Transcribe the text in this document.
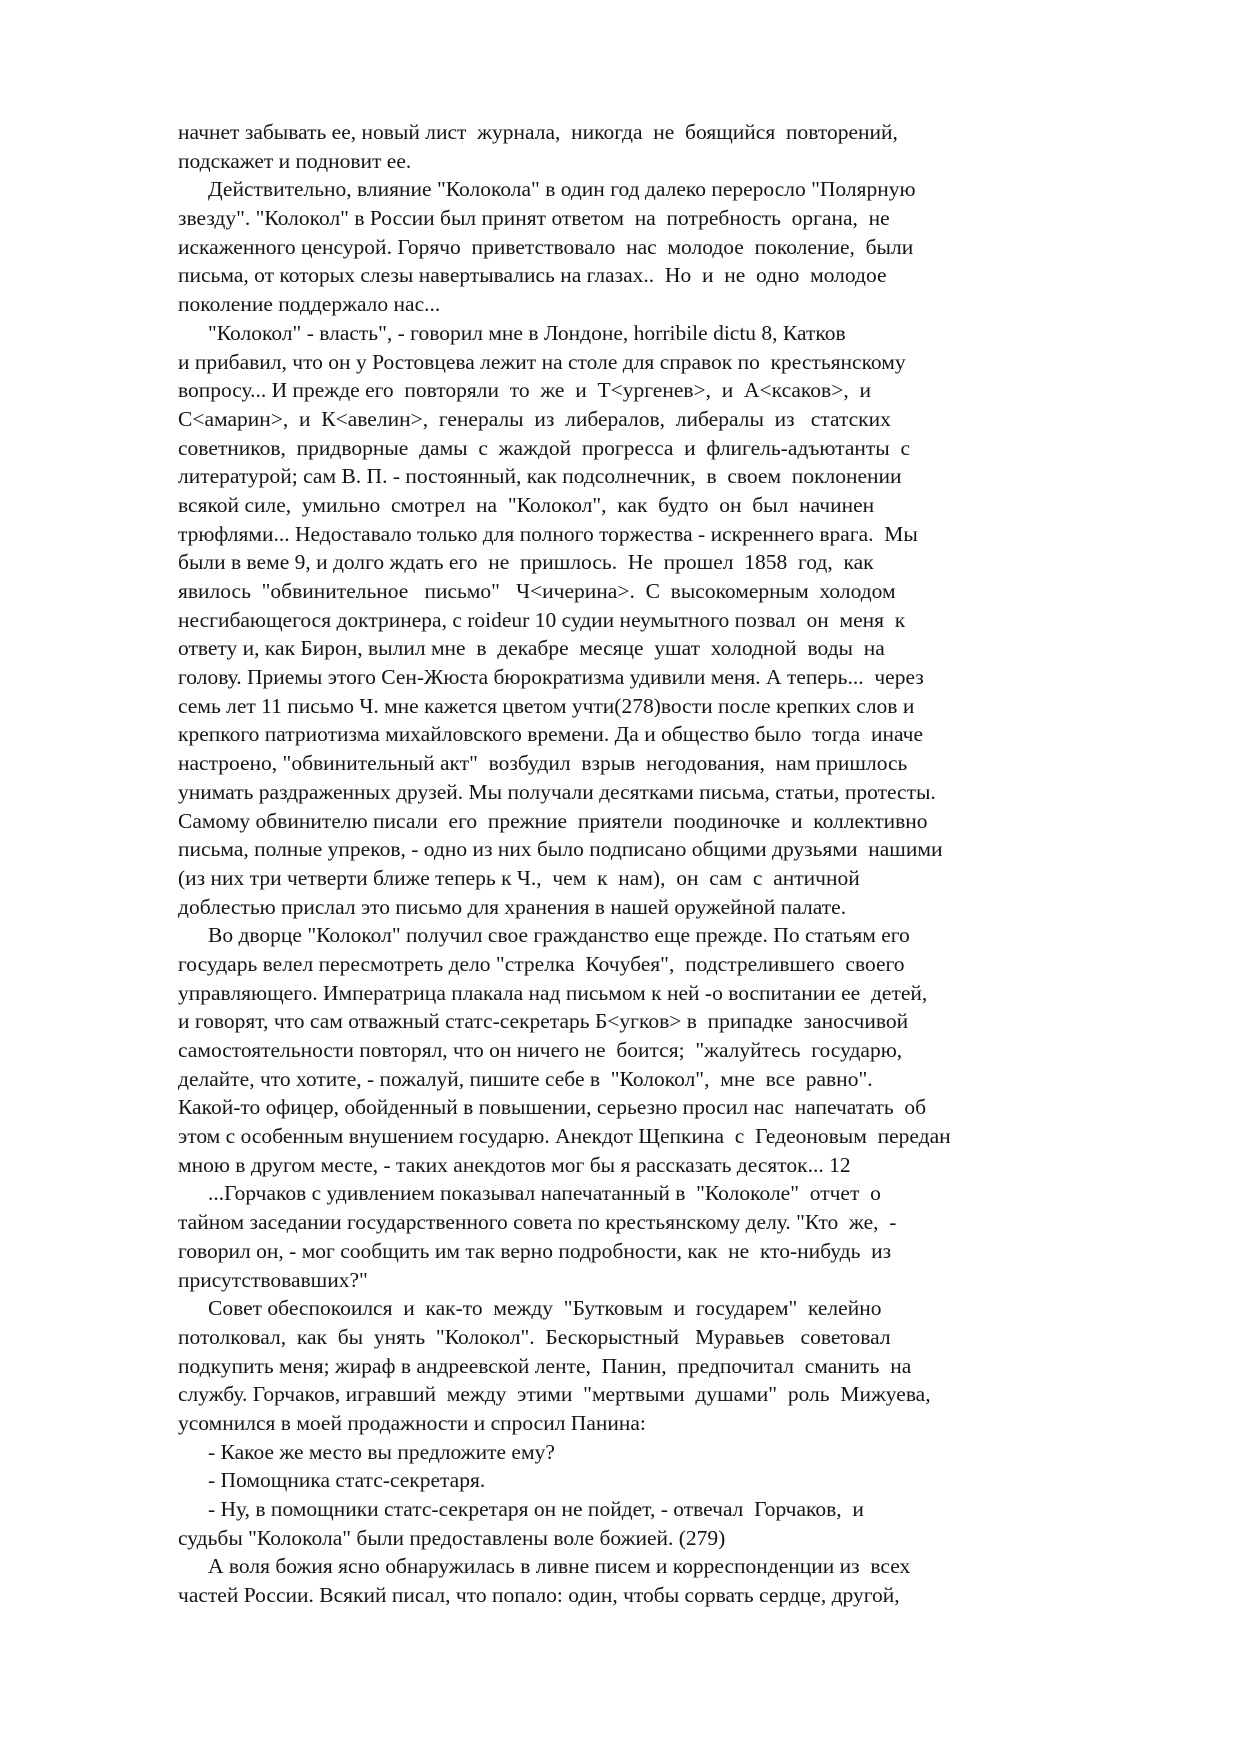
начнет забывать ее, новый лист  журнала,  никогда  не  боящийся  повторений,
подскажет и подновит ее.
Действительно, влияние "Колокола" в один год далеко переросло "Полярную
звезду". "Колокол" в России был принят ответом  на  потребность  органа,  не
искаженного ценсурой. Горячо  приветствовало  нас  молодое  поколение,  были
письма, от которых слезы навертывались на глазах..  Но  и  не  одно  молодое
поколение поддержало нас...
"Колокол" - власть", - говорил мне в Лондоне, horribile dictu 8, Катков
и прибавил, что он у Ростовцева лежит на столе для справок по  крестьянскому
вопросу... И прежде его  повторяли  то  же  и  Т<ургенев>,  и  А<ксаков>,  и
С<амарин>,  и  К<авелин>,  генералы  из  либералов,  либералы  из   статских
советников,  придворные  дамы  с  жаждой  прогресса  и  флигель-адъютанты  с
литературой; сам В. П. - постоянный, как подсолнечник,  в  своем  поклонении
всякой силе,  умильно  смотрел  на  "Колокол",  как  будто  он  был  начинен
трюфлями... Недоставало только для полного торжества - искреннего врага.  Мы
были в веме 9, и долго ждать его  не  пришлось.  Не  прошел  1858  год,  как
явилось  "обвинительное   письмо"   Ч<ичерина>.  С  высокомерным  холодом
несгибающегося доктринера, с roideur 10 судии неумытного позвал  он  меня  к
ответу и, как Бирон, вылил мне  в  декабре  месяце  ушат  холодной  воды  на
голову. Приемы этого Сен-Жюста бюрократизма удивили меня. А теперь...  через
семь лет 11 письмо Ч. мне кажется цветом учти(278)вости после крепких слов и
крепкого патриотизма михайловского времени. Да и общество было  тогда  иначе
настроено, "обвинительный акт"  возбудил  взрыв  негодования,  нам пришлось
унимать раздраженных друзей. Мы получали десятками письма, статьи, протесты.
Самому обвинителю писали  его  прежние  приятели  поодиночке  и  коллективно
письма, полные упреков, - одно из них было подписано общими друзьями  нашими
(из них три четверти ближе теперь к Ч.,  чем  к  нам),  он  сам  с  античной
доблестью прислал это письмо для хранения в нашей оружейной палате.
Во дворце "Колокол" получил свое гражданство еще прежде. По статьям его
государь велел пересмотреть дело "стрелка  Кочубея",  подстрелившего  своего
управляющего. Императрица плакала над письмом к ней -о воспитании ее  детей,
и говорят, что сам отважный статс-секретарь Б<угков> в  припадке  заносчивой
самостоятельности повторял, что он ничего не  боится;  "жалуйтесь  государю,
делайте, что хотите, - пожалуй, пишите себе в  "Колокол",  мне  все  равно".
Какой-то офицер, обойденный в повышении, серьезно просил нас  напечатать  об
этом с особенным внушением государю. Анекдот Щепкина  с  Гедеоновым  передан
мною в другом месте, - таких анекдотов мог бы я рассказать десяток... 12
...Горчаков с удивлением показывал напечатанный в  "Колоколе"  отчет  о
тайном заседании государственного совета по крестьянскому делу. "Кто  же,  -
говорил он, - мог сообщить им так верно подробности, как  не  кто-нибудь  из
присутствовавших?"
Совет обеспокоился  и  как-то  между  "Бутковым  и  государем"  келейно
потолковал,  как  бы  унять  "Колокол".  Бескорыстный   Муравьев   советовал
подкупить меня; жираф в андреевской ленте,  Панин,  предпочитал  сманить  на
службу. Горчаков, игравший  между  этими  "мертвыми  душами"  роль  Мижуева,
усомнился в моей продажности и спросил Панина:
- Какое же место вы предложите ему?
- Помощника статс-секретаря.
- Ну, в помощники статс-секретаря он не пойдет, - отвечал  Горчаков,  и
судьбы "Колокола" были предоставлены воле божией. (279)
А воля божия ясно обнаружилась в ливне писем и корреспонденции из  всех
частей России. Всякий писал, что попало: один, чтобы сорвать сердце, другой,
